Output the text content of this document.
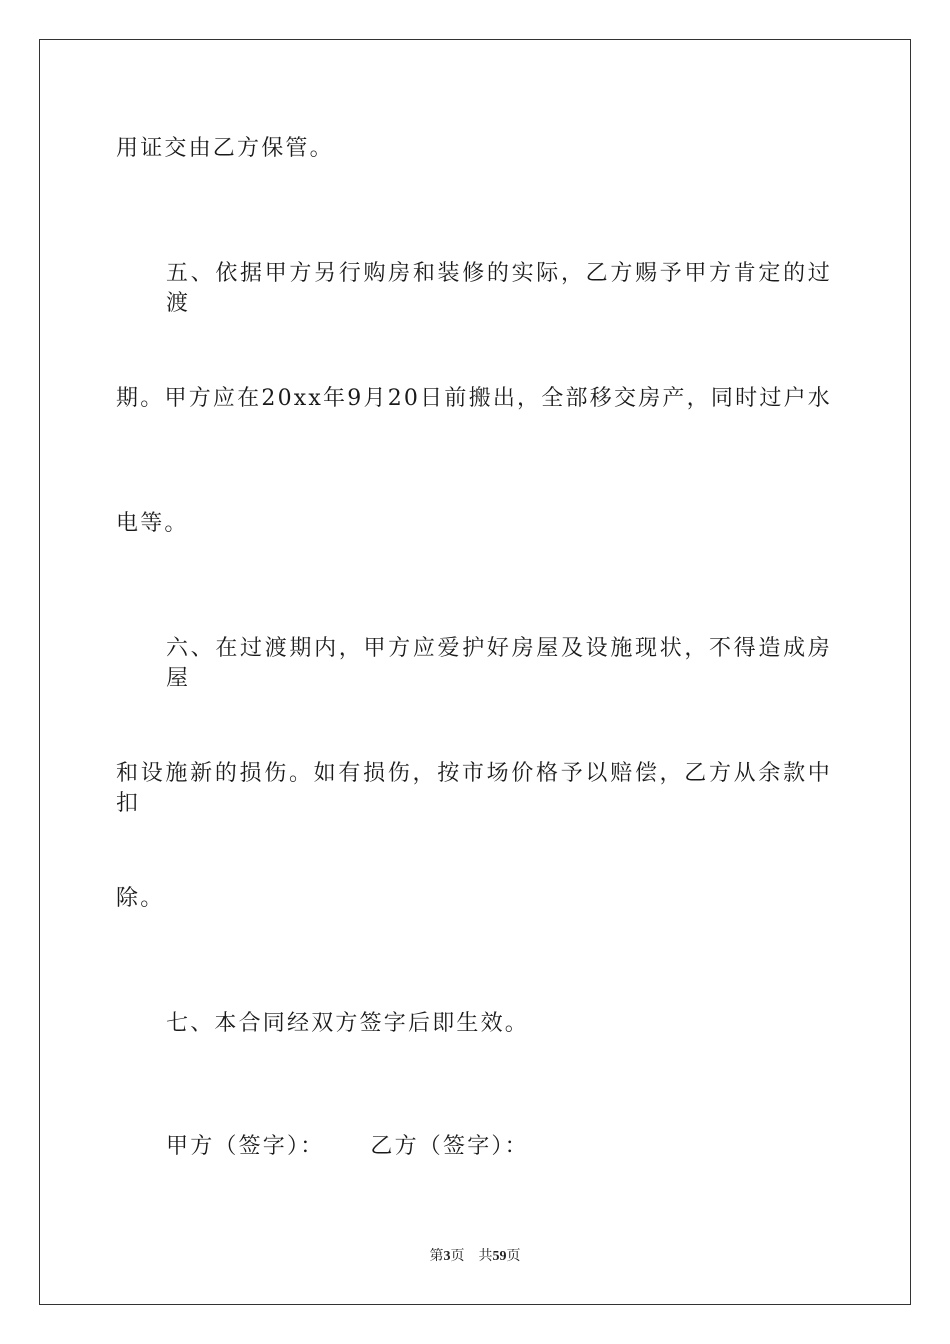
用证交由乙方保管。

五、依据甲方另行购房和装修的实际，乙方赐予甲方肯定的过渡

期。甲方应在20xx年9月20日前搬出，全部移交房产，同时过户水

电等。

六、在过渡期内，甲方应爱护好房屋及设施现状，不得造成房屋

和设施新的损伤。如有损伤，按市场价格予以赔偿，乙方从余款中扣

除。

七、本合同经双方签字后即生效。

甲方（签字）： 乙方（签字）：

第3页 共59页
